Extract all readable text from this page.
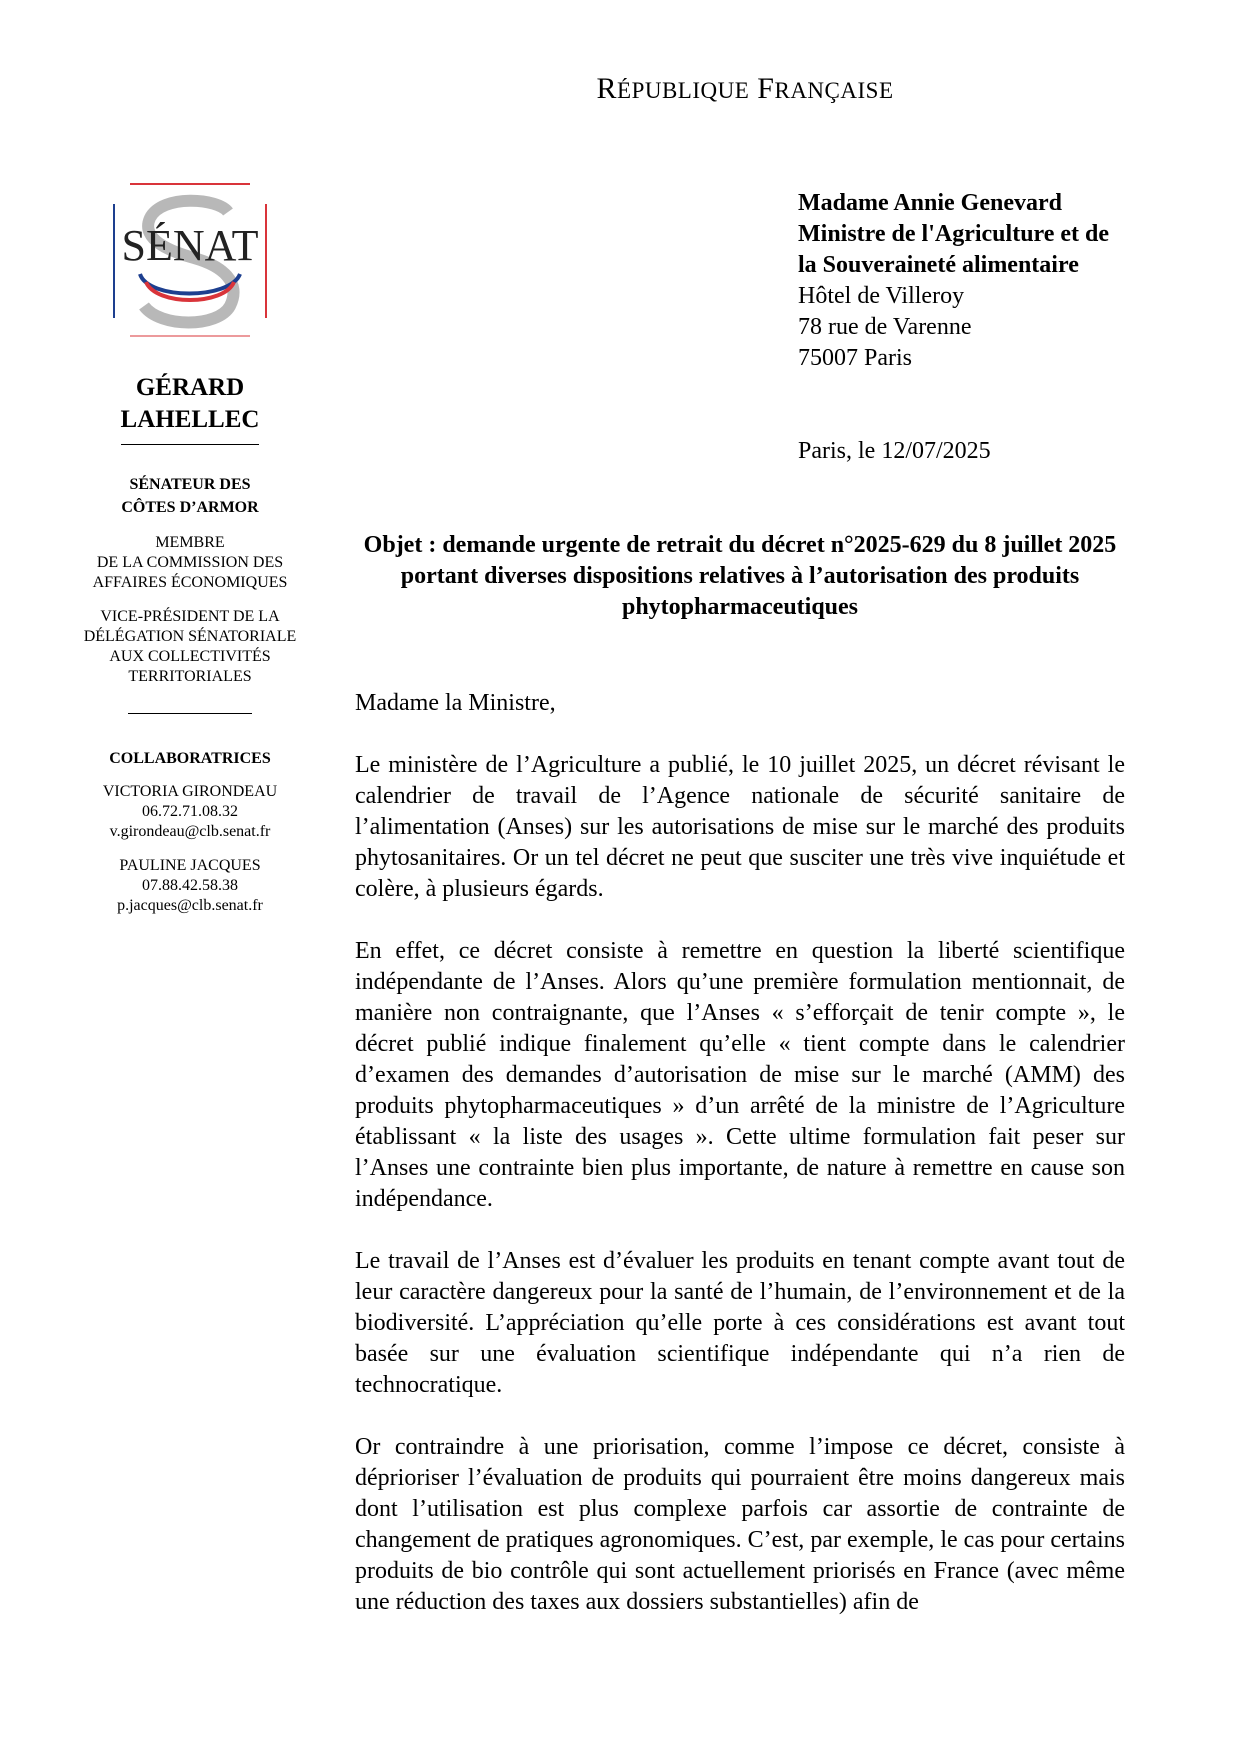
RÉPUBLIQUE FRANÇAISE
SÉNAT
GÉRARD
LAHELLEC
SÉNATEUR DES
CÔTES D’ARMOR
MEMBRE
DE LA COMMISSION DES
AFFAIRES ÉCONOMIQUES
VICE-PRÉSIDENT DE LA
DÉLÉGATION SÉNATORIALE
AUX COLLECTIVITÉS
TERRITORIALES
COLLABORATRICES
VICTORIA GIRONDEAU
06.72.71.08.32
v.girondeau@clb.senat.fr
PAULINE JACQUES
07.88.42.58.38
p.jacques@clb.senat.fr
Madame Annie Genevard
Ministre de l'Agriculture et de
la Souveraineté alimentaire
Hôtel de Villeroy
78 rue de Varenne
75007 Paris
Paris, le 12/07/2025
Objet : demande urgente de retrait du décret n°2025-629 du 8 juillet 2025 portant diverses dispositions relatives à l’autorisation des produits phytopharmaceutiques

Madame la Ministre,

Le ministère de l’Agriculture a publié, le 10 juillet 2025, un décret révisant le calendrier de travail de l’Agence nationale de sécurité sanitaire de l’alimentation (Anses) sur les autorisations de mise sur le marché des produits phytosanitaires. Or un tel décret ne peut que susciter une très vive inquiétude et colère, à plusieurs égards.

En effet, ce décret consiste à remettre en question la liberté scientifique indépendante de l’Anses. Alors qu’une première formulation mentionnait, de manière non contraignante, que l’Anses « s’efforçait de tenir compte », le décret publié indique finalement qu’elle « tient compte dans le calendrier d’examen des demandes d’autorisation de mise sur le marché (AMM) des produits phytopharmaceutiques » d’un arrêté de la ministre de l’Agriculture établissant « la liste des usages ». Cette ultime formulation fait peser sur l’Anses une contrainte bien plus importante, de nature à remettre en cause son indépendance.

Le travail de l’Anses est d’évaluer les produits en tenant compte avant tout de leur caractère dangereux pour la santé de l’humain, de l’environnement et de la biodiversité. L’appréciation qu’elle porte à ces considérations est avant tout basée sur une évaluation scientifique indépendante qui n’a rien de technocratique.

Or contraindre à une priorisation, comme l’impose ce décret, consiste à déprioriser l’évaluation de produits qui pourraient être moins dangereux mais dont l’utilisation est plus complexe parfois car assortie de contrainte de changement de pratiques agronomiques. C’est, par exemple, le cas pour certains produits de bio contrôle qui sont actuellement priorisés en France (avec même une réduction des taxes aux dossiers substantielles) afin de
